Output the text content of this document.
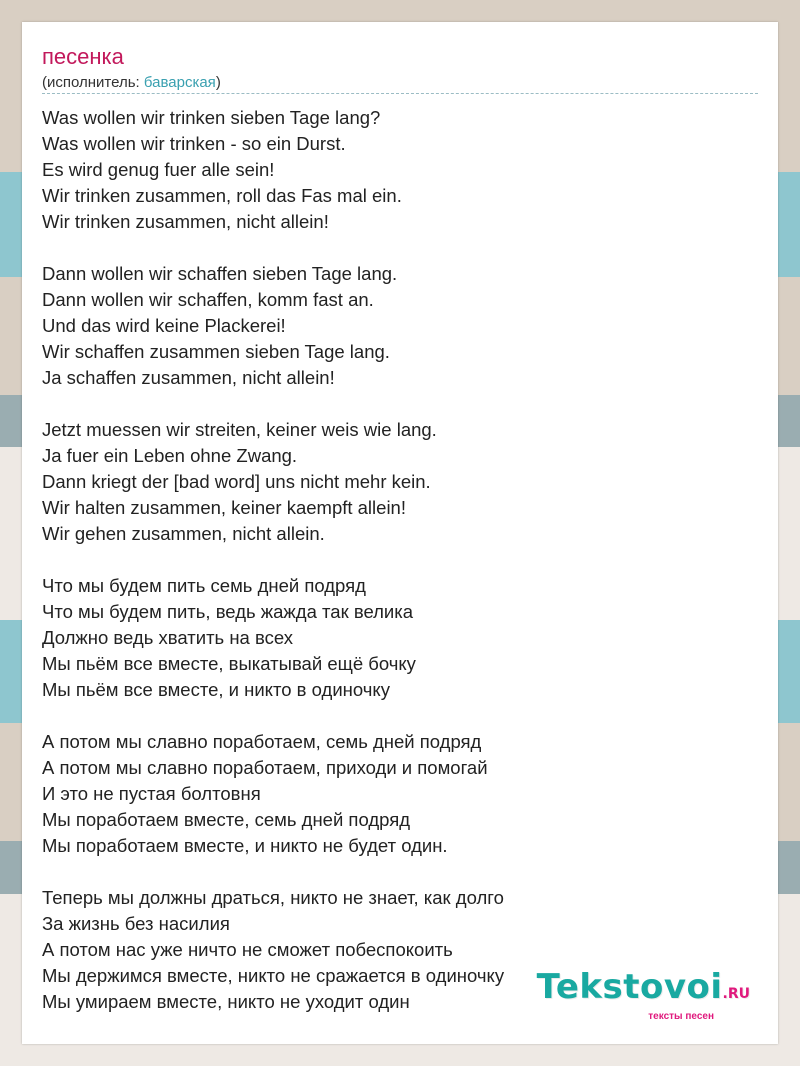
песенка
(исполнитель: баварская)
Was wollen wir trinken sieben Tage lang?
Was wollen wir trinken - so ein Durst.
Es wird genug fuer alle sein!
Wir trinken zusammen, roll das Fas mal ein.
Wir trinken zusammen, nicht allein!
Dann wollen wir schaffen sieben Tage lang.
Dann wollen wir schaffen, komm fast an.
Und das wird keine Plackerei!
Wir schaffen zusammen sieben Tage lang.
Ja schaffen zusammen, nicht allein!
Jetzt muessen wir streiten, keiner weis wie lang.
Ja fuer ein Leben ohne Zwang.
Dann kriegt der [bad word] uns nicht mehr kein.
Wir halten zusammen, keiner kaempft allein!
Wir gehen zusammen, nicht allein.
Что мы будем пить семь дней подряд
Что мы будем пить, ведь жажда так велика
Должно ведь хватить на всех
Мы пьём все вместе, выкатывай ещё бочку
Мы пьём все вместе, и никто в одиночку
А потом мы славно поработаем, семь дней подряд
А потом мы славно поработаем, приходи и помогай
И это не пустая болтовня
Мы поработаем вместе, семь дней подряд
Мы поработаем вместе, и никто не будет один.
Теперь мы должны драться, никто не знает, как долго
За жизнь без насилия
А потом нас уже ничто не сможет побеспокоить
Мы держимся вместе, никто не сражается в одиночку
Мы умираем вместе, никто не уходит один	Tekstovoi.RU
тексты песен
